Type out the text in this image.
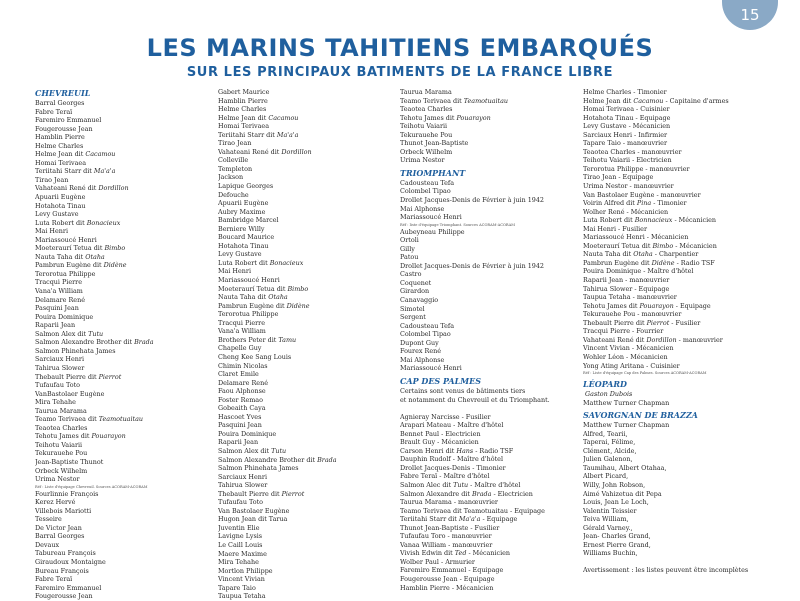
15
LES MARINS TAHITIENS EMBARQUÉS
SUR LES PRINCIPAUX BATIMENTS DE LA FRANCE LIBRE
CHEVREUIL
Barral Georges
Fabre Teraï
Faremiro Emmanuel
Fougerousse Jean
Hamblin Pierre
Helme Charles
Helme Jean dit Cacamou
Homai Terivaea
Teriitahi Starr dit Ma'a'a
Tirao Jean
Vahateani René dit Dordillon
Apuarii Eugène
Hotahota Tinau
Levy Gustave
Luta Robert dit Bonacieux
Mai Henri
Mariassoucé Henri
Moeteraurí Tetua dit Bimbo
Nauta Taha dit Otaha
Pambrun Eugène dit Didène
Terorotua Philippe
Tracqui Pierre
Vana'a William
Delamare René
Pasquini Jean
Pouira Dominique
Raparii Jean
Salmon Alex dit Tutu
Salmon Alexandre Brother dit Brada
Salmon Phinehata James
Sarciaux Henri
Tahirua Slower
Thebault Pierre dit Pierrot
Tufaufau Toto
VanBastolaer Eugène
Mira Tehahe
Taurua Marama
Teamo Terivaea dit Teamotuaitau
Teaotea Charles
Tehotu James dit Pouarayon
Teihotu Vaiarii
Tekurauehe Pou
Jean-Baptiste Thunot
Orbeck Wilhelm
Urima Nestor
Réf : Liste d'équipage Chevreuil. Sources ACORAM-ACORAM
Fourlinnie François
Kerez Hervé
Villebois Mariotti
Tesseire
De Victor Jean
Barral Georges
Devaux
Tabureau François
Giraudoux Montaigne
Bureau François
Fabre Teraï
Faremiro Emmanuel
Fougerousse Jean
Gabert Maurice
Hamblin Pierre
Helme Charles
Helme Jean dit Cacamou
Homai Terivaea
Teriitahi Starr dit Ma'a'a
Tirao Jean
Vahateani René dit Dordillon
Colleville
Templeton
Jackson
Lapique Georges
Defouche
Apuarii Eugène
Aubry Maxime
Bambridge Marcel
Berniere Willy
Boucard Maurice
Hotahota Tinau
Levy Gustave
Luta Robert dit Bonacieux
Mai Henri
Mariassoucé Henri
Moeteraurí Tetua dit Bimbo
Nauta Taha dit Otaha
Pambrun Eugène dit Didène
Terorotua Philippe
Tracqui Pierre
Vana'a William
Brothers Peter dit Tamu
Chapelle Guy
Cheng Kee Sang Louis
Chimin Nicolas
Claret Emile
Delamare René
Faou Alphonse
Foster Remao
Gobeaith Caya
Hascoet Yves
Pasquini Jean
Pouira Dominique
Raparii Jean
Salmon Alex dit Tutu
Salmon Alexandre Brother dit Brada
Salmon Phinehata James
Sarciaux Henri
Tahirua Slower
Thebault Pierre dit Pierrot
Tufaufau Toto
Van Bastolaer Eugène
Hugon Jean dit Tarua
Juventin Elie
Lavigne Lysis
Le Caill Louis
Maere Maxime
Mira Tehahe
Mortlon Philippe
Vincent Vivian
Tapare Taio
Taupua Tetaha
Taurua Marama
Teamo Terivaea dit Teamotuaitau
Teaotea Charles
Tehotu James dit Pouarayon
Teihotu Vaiarii
Tekurauehe Pou
Thunot Jean-Baptiste
Orbeck Wilhelm
Urima Nestor
TRIOMPHANT
Cadousteau Tefa
Colombel Tipao
Drollet Jacques-Denis de Février à juin 1942
Mai Alphonse
Mariassoucé Henri
Réf : liste d'équipage Triomphant. Sources ACORAM-ACORAM
Aubeyneau Philippe
Ortoli
Gilly
Patou
Drollet Jacques-Denis de Février à juin 1942
Castro
Coquenet
Girardon
Canavaggio
Simotel
Sergent
Cadousteau Tefa
Colombel Tipao
Dupont Guy
Fourex René
Mai Alphonse
Mariassoucé Henri
CAP DES PALMES
Certains sont venus de bâtiments tiers
et notamment du Chevreuil et du Triomphant.

Agnieray Narcisse - Fusilier
Arapari Mateau - Maître d'hôtel
Bennet Paul - Electricien
Brault Guy - Mécanicien
Carson Henri dit Hans - Radio TSF
Dauphin Rudolf - Maître d'hôtel
Drollet Jacques-Denis - Timonier
Fabre Teraï - Maître d'hôtel
Salmon Alec dit Tutu - Maître d'hôtel
Salmon Alexandre dit Brada - Electricien
Taurua Marama - manœuvrier
Teamo Terivaea dit Teamotuaitau - Equipage
Teriitahi Starr dit Ma'a'a - Equipage
Thunot Jean-Baptiste - Fusilier
Tufaufau Toro - manœuvrier
Vanaa William - manœuvrier
Vivish Edwin dit Ted - Mécanicien
Wolber Paul - Armurier
Faremiro Emmanuel - Equipage
Fougerousse Jean - Equipage
Hamblin Pierre - Mécanicien
Helme Charles - Timonier
Helme Jean dit Cacamou - Capitaine d'armes
Homai Terivaea - Cuisinier
Hotahota Tinau - Equipage
Levy Gustave - Mécanicien
Sarciaux Henri - Infirmier
Tapare Taio - manœuvrier
Teaotea Charles - manœuvrier
Teihotu Vaiarii - Electricien
Terorotua Philippe - manœuvrier
Tirao Jean - Equipage
Urima Nestor - manœuvrier
Van Bastolaer Eugène - manœuvrier
Voirin Alfred dit Pina - Timonier
Wolher René - Mécanicien
Luta Robert dit Bonnacieux - Mécanicien
Mai Henri - Fusilier
Mariassoucé Henri - Mécanicien
Moeteraurí Tetua dit Bimbo - Mécanicien
Nauta Taha dit Otaha - Charpentier
Pambrun Eugène dit Didène - Radio TSF
Pouira Dominique - Maître d'hôtel
Raparii Jean - manœuvrier
Tahirua Slower - Equipage
Taupua Tetaha - manœuvrier
Tehotu James dit Pouarayon - Equipage
Tekurauehe Pou - manœuvrier
Thebault Pierre dit Pierrot - Fusilier
Tracqui Pierre - Fourrier
Vahateani René dit Dordillon - manœuvrier
Vincent Vivian - Mécanicien
Wohler Léon - Mécanicien
Yong Ating Aritana - Cuisinier
Réf : Liste d'équipage Cap des Palmes. Sources ACORAM-ACORAM
LÉOPARD
Gaston Dubois
Matthew Turner Chapman
SAVORGNAN DE BRAZZA
Matthew Turner Chapman
Alfred, Tearii,
Taperai, Félime,
Clément, Alcide,
Julien Galenon,
Taumihau, Albert Otahaa,
Albert Picard,
Willy, John Robson,
Aimé Vahizetua dit Pepa
Louis, Jean Le Loch,
Valentin Teissier
Teiva William,
Gérald Varney.,
Jean- Charles Grand,
Ernest Pierre Grand,
Williams Buchin,

Avertissement : les listes peuvent être incomplètes
